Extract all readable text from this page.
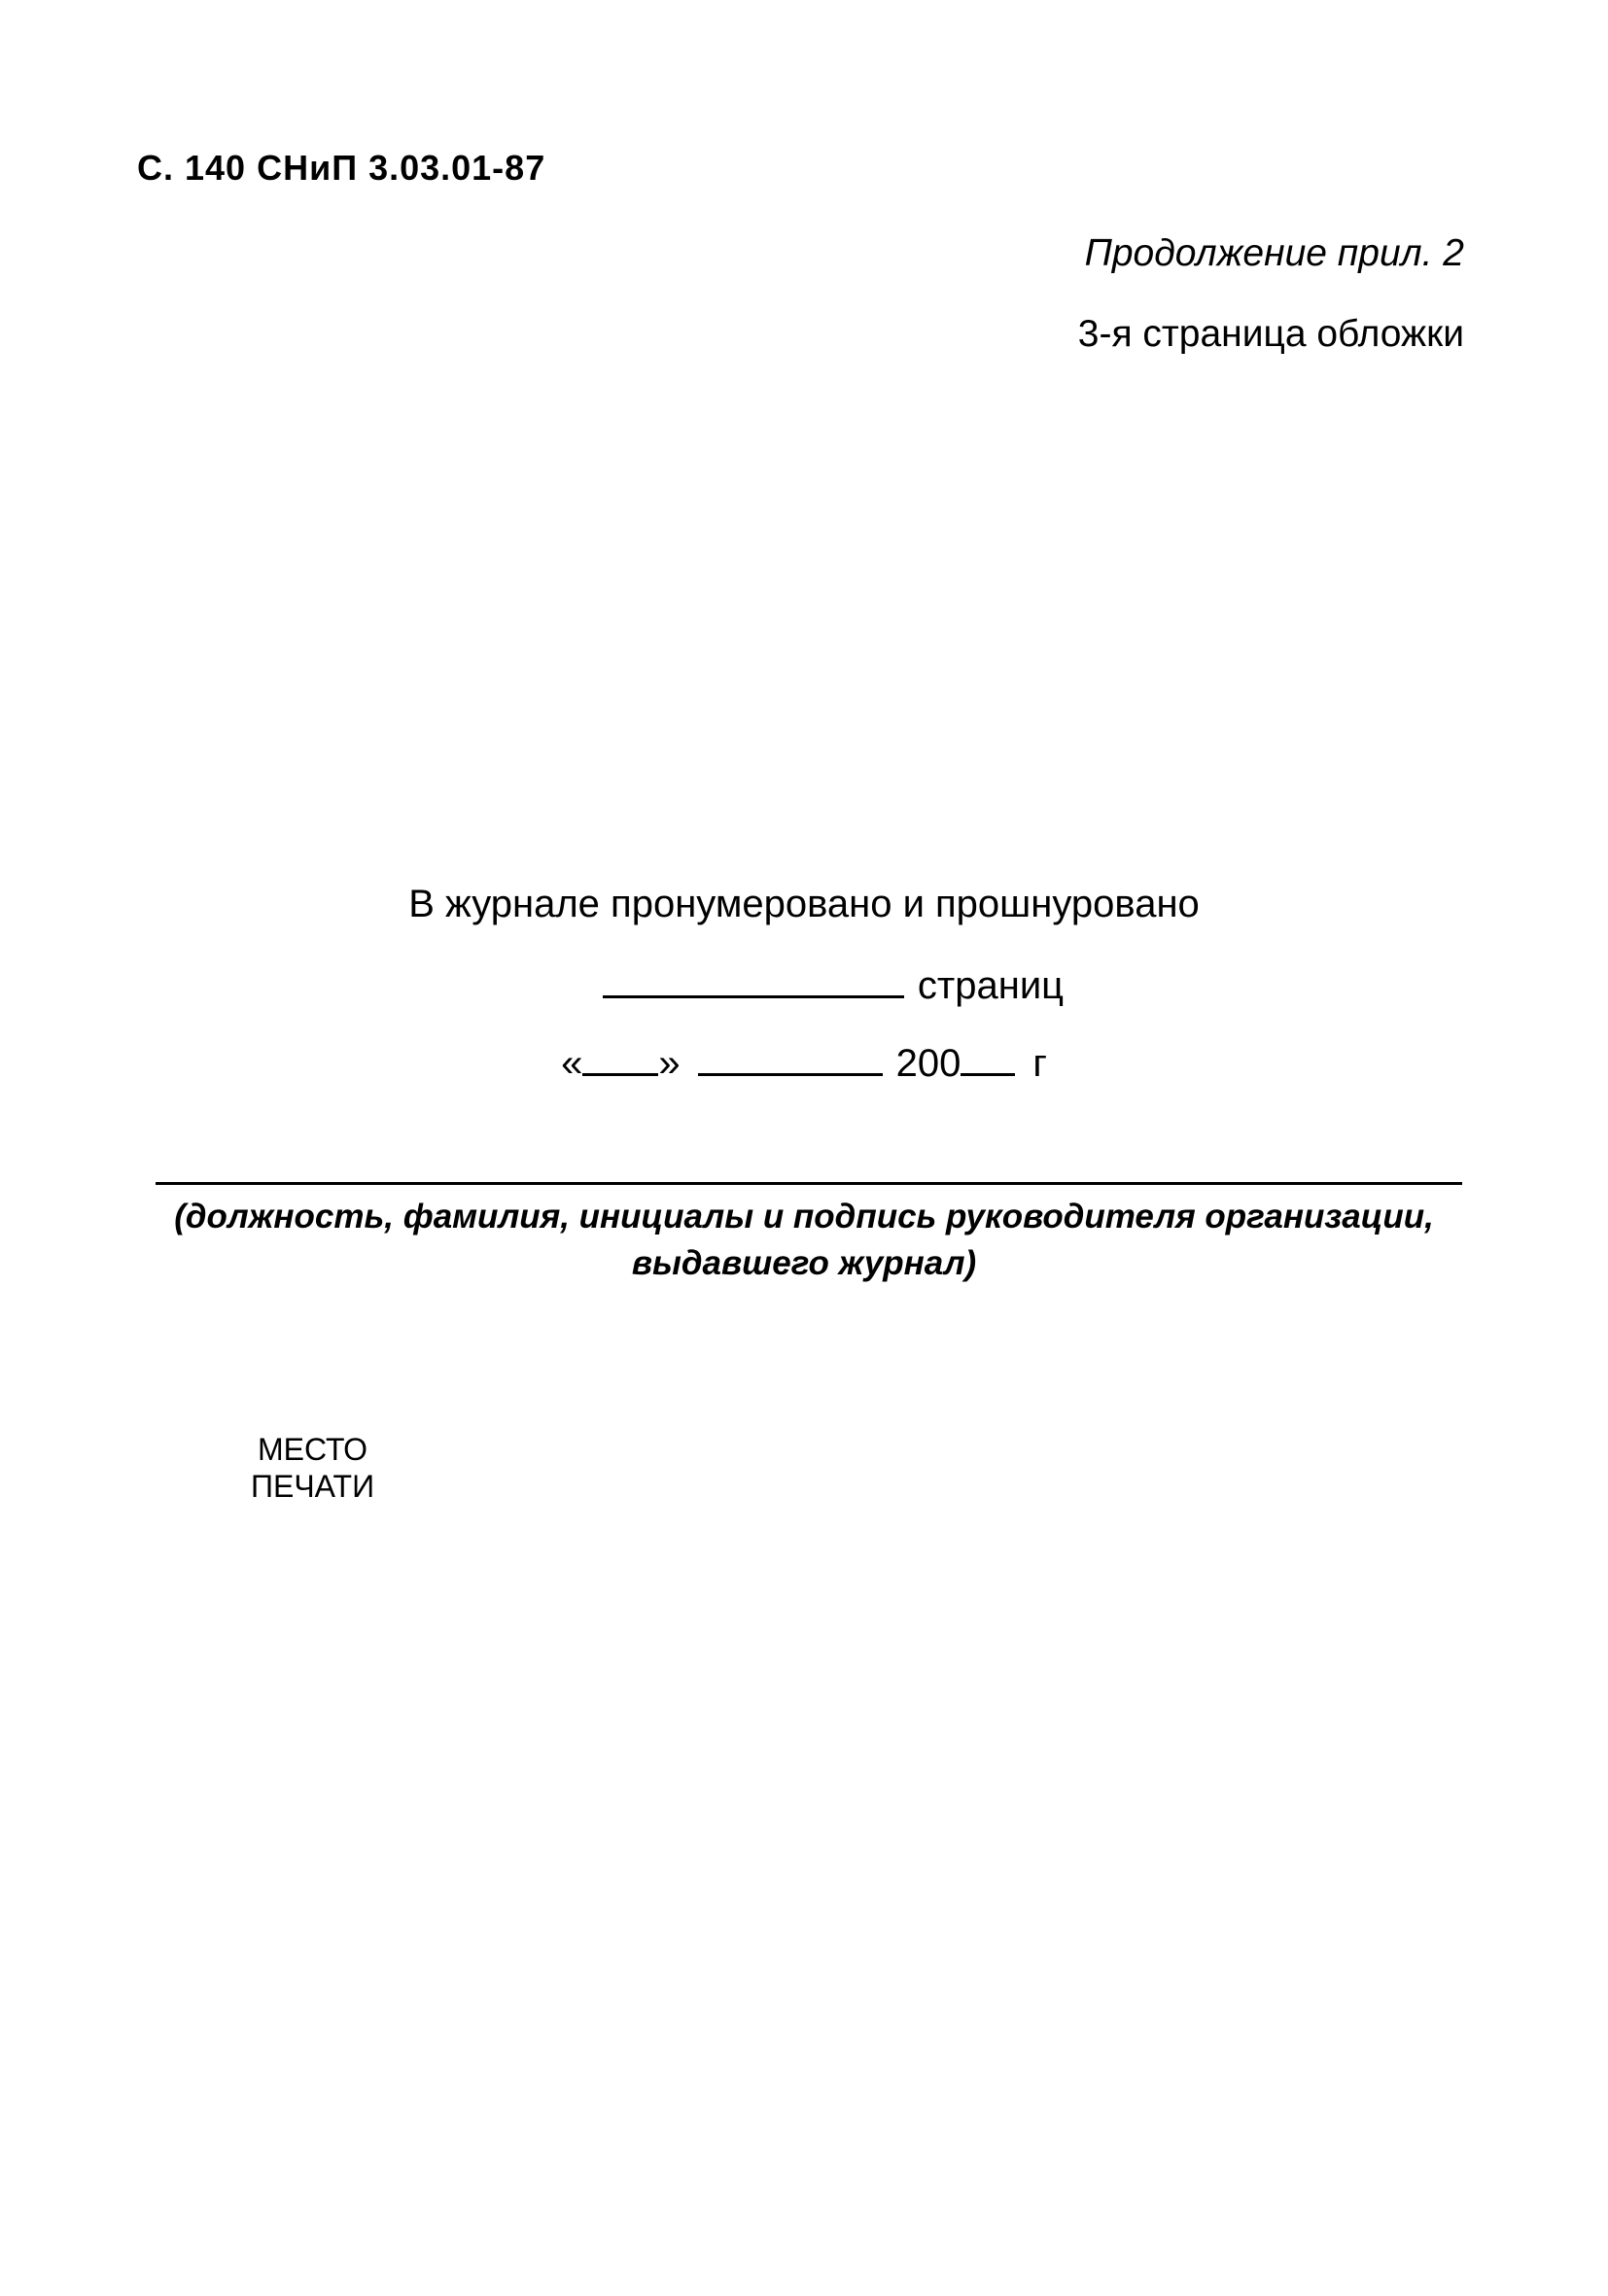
С. 140 СНиП 3.03.01-87

Продолжение прил. 2

3-я страница обложки

В журнале пронумеровано и прошнуровано

страниц
« »	200 г
(должность, фамилия, инициалы и подпись руководителя организации,
выдавшего журнал)
МЕСТО
ПЕЧАТИ
